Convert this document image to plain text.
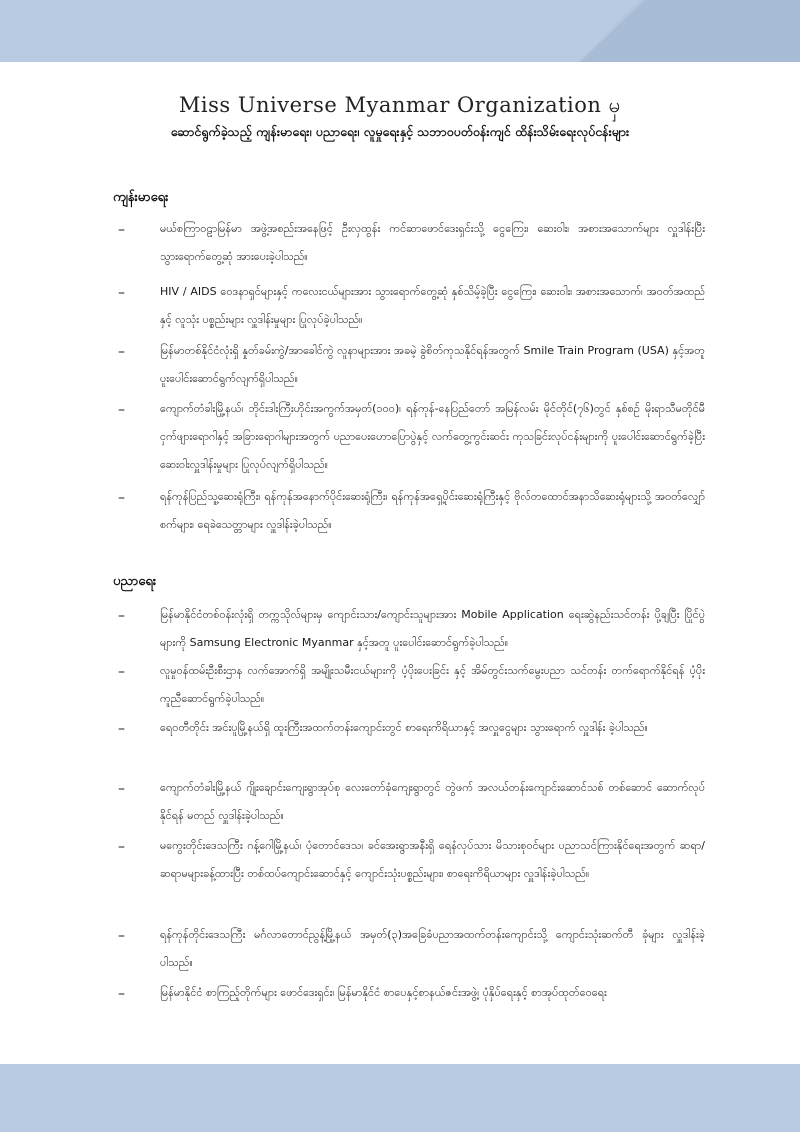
Miss Universe Myanmar Organization မှ
ဆောင်ရွက်ခဲ့သည့် ကျန်းမာရေး၊ ပညာရေး၊ လူမှုရေးနှင့် သဘာဝပတ်ဝန်းကျင် ထိန်းသိမ်းရေးလုပ်ငန်းများ
ကျန်းမာရေး
–	မယ်စကြာဝဠာမြန်မာ အဖွဲ့အစည်းအနေဖြင့် ဦးလှထွန်း ကင်ဆာဖောင်ဒေးရှင်းသို့ ငွေကြေး၊ ဆေးဝါး၊ အစားအသောက်များ လှူဒါန်းပြီး သွားရောက်တွေ့ဆုံ အားပေးခဲ့ပါသည်။
–	HIV / AIDS ဝေဒနာရှင်များနှင့် ကလေးငယ်များအား သွားရောက်တွေ့ဆုံ နှစ်သိမ့်ခဲ့ပြီး ငွေကြေး၊ ဆေးဝါး၊ အစားအသောက်၊ အဝတ်အထည် နှင့် လူသုံး ပစ္စည်းများ လှူဒါန်းမှုများ ပြုလုပ်ခဲ့ပါသည်။
–	မြန်မာတစ်နိုင်ငံလုံးရှိ နှုတ်ခမ်းကွဲ/အာခေါင်ကွဲ လူနာများအား အခမဲ့ ခွဲစိတ်ကုသနိုင်ရန်အတွက် Smile Train Program (USA) နှင့်အတူ ပူးပေါင်းဆောင်ရွက်လျက်ရှိပါသည်။
–	ကျောက်တံခါးမြို့နယ်၊ ဘိုင်းဒါးကြီးဟိုင်းအကွက်အမှတ်(၁၀၀)၊ ရန်ကုန်-နေပြည်တော် အမြန်လမ်း မိုင်တိုင်(၇၆)တွင် နှစ်စဉ် မိုးရာသီမတိုင်မီ ငှက်ဖျားရောဂါနှင့် အခြားရောဂါများအတွက် ပညာပေးဟောပြောပွဲနှင့် လက်တွေ့ကွင်းဆင်း ကုသခြင်းလုပ်ငန်းများကို ပူးပေါင်းဆောင်ရွက်ခဲ့ပြီး ဆေးဝါးလှူဒါန်းမှုများ ပြုလုပ်လျက်ရှိပါသည်။
–	ရန်ကုန်ပြည်သူ့ဆေးရုံကြီး၊ ရန်ကုန်အနောက်ပိုင်းဆေးရုံကြီး၊ ရန်ကုန်အရှေ့ပိုင်းဆေးရုံကြီးနှင့် ဗိုလ်တထောင်အနာသိဆေးရုံများသို့ အဝတ်လျှော်စက်များ၊ ရေခဲသေတ္တာများ လှူဒါန်းခဲ့ပါသည်။
ပညာရေး
–	မြန်မာနိုင်ငံတစ်ဝန်းလုံးရှိ တက္ကသိုလ်များမှ ကျောင်းသား/ကျောင်းသူများအား Mobile Application ရေးဆွဲနည်းသင်တန်း ပို့ချပြီး ပြိုင်ပွဲများကို Samsung Electronic Myanmar နှင့်အတူ ပူးပေါင်းဆောင်ရွက်ခဲ့ပါသည်။
–	လူမှုဝန်ထမ်းဦးစီးဌာန လက်အောက်ရှိ အမျိုးသမီးငယ်များကို ပံ့ပိုးပေးခြင်း နှင့် အိမ်တွင်းသက်မွေးပညာ သင်တန်း တက်ရောက်နိုင်ရန် ပံ့ပိုးကူညီဆောင်ရွက်ခဲ့ပါသည်။
–	ရေဝတီတိုင်း အင်းပူမြို့နယ်ရှိ ထူးကြီးအထက်တန်းကျောင်းတွင် စာရေးကိရိယာနှင့် အလှူငွေများ သွားရောက် လှူဒါန်း ခဲ့ပါသည်။
–	ကျောက်တံခါးမြို့နယ် ဂျိုးချောင်းကျေးရွာအုပ်စု လေးတော်ခုံကျေးရွာတွင် တွဲဖက် အလယ်တန်းကျောင်းဆောင်သစ် တစ်ဆောင် ဆောက်လုပ်နိုင်ရန် မတည် လှူဒါန်းခဲ့ပါသည်။
–	မကွေးတိုင်းဒေသကြီး ဂန့်ဂေါမြို့နယ်၊ ပုံတောင်ဒေသ၊ ခင်အေးရွာအနီးရှိ ရေနံလုပ်သား မိသားစုဝင်များ ပညာသင်ကြားနိုင်ရေးအတွက် ဆရာ/ဆရာမများခန့်ထားပြီး တစ်ထပ်ကျောင်းဆောင်နှင့် ကျောင်းသုံးပစ္စည်းများ၊ စာရေးကိရိယာများ လှူဒါန်းခဲ့ပါသည်။
–	ရန်ကုန်တိုင်းဒေသကြီး မင်္ဂလာတောင်ညွန့်မြို့နယ် အမှတ်(၃)အခြေခံပညာအထက်တန်းကျောင်းသို့ ကျောင်းသုံးဆက်တီ ခုံများ လှူဒါန်းခဲ့ပါသည်။
–	မြန်မာနိုင်ငံ စာကြည့်တိုက်များ ဖောင်ဒေးရှင်း၊ မြန်မာနိုင်ငံ စာပေနှင့်စာနယ်ဇင်းအဖွဲ့၊ ပုံနှိပ်ရေးနှင့် စာအုပ်ထုတ်ဝေရေး
